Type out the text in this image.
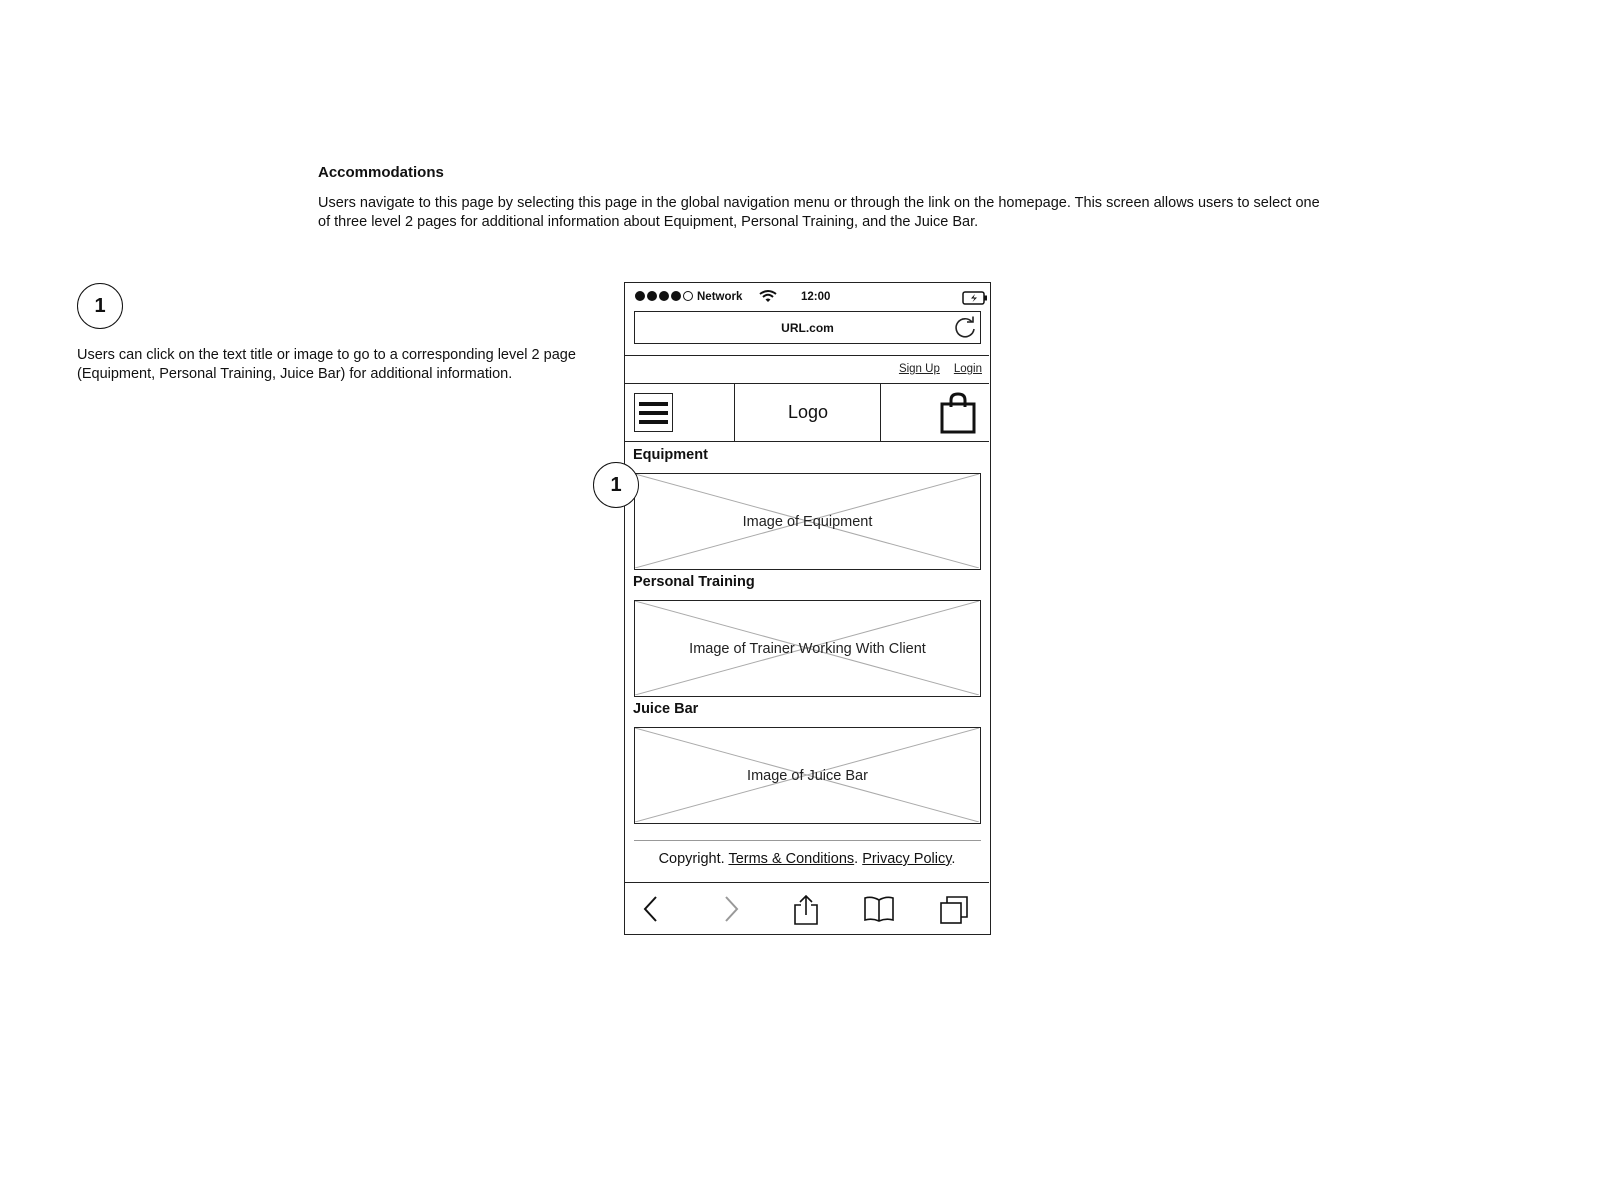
Accommodations
Users navigate to this page by selecting this page in the global navigation menu or through the link on the homepage. This screen allows users to select one of three level 2 pages for additional information about Equipment, Personal Training, and the Juice Bar.
1
Users can click on the text title or image to go to a corresponding level 2 page (Equipment, Personal Training, Juice Bar) for additional information.
1
Network	12:00
URL.com
Sign Up Login
Logo
Equipment
Image of Equipment
Personal Training
Image of Trainer Working With Client
Juice Bar
Image of Juice Bar
Copyright. Terms & Conditions. Privacy Policy.
